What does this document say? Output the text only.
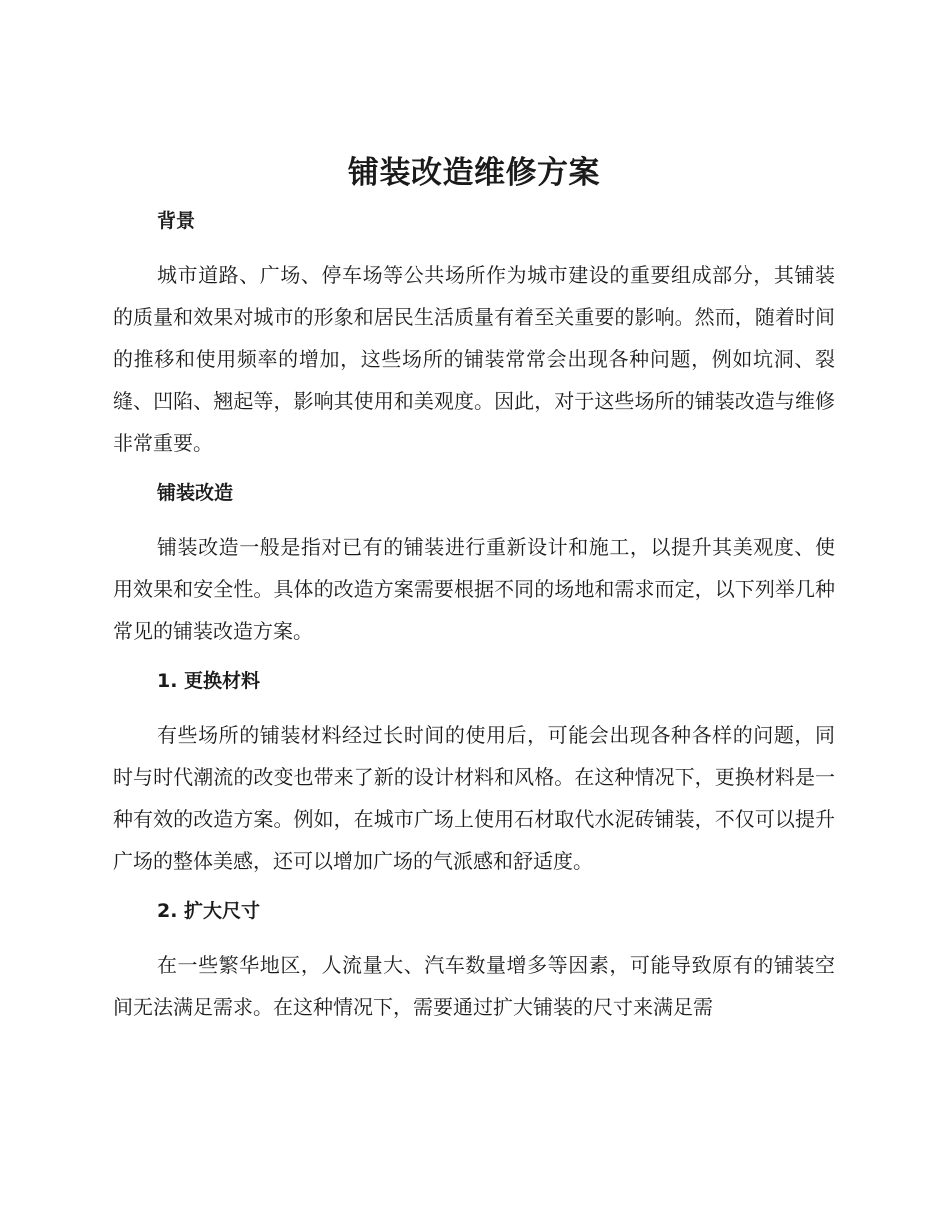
铺装改造维修方案
背景

城市道路、广场、停车场等公共场所作为城市建设的重要组成部分，其铺装的质量和效果对城市的形象和居民生活质量有着至关重要的影响。然而，随着时间的推移和使用频率的增加，这些场所的铺装常常会出现各种问题，例如坑洞、裂缝、凹陷、翘起等，影响其使用和美观度。因此，对于这些场所的铺装改造与维修非常重要。

铺装改造

铺装改造一般是指对已有的铺装进行重新设计和施工，以提升其美观度、使用效果和安全性。具体的改造方案需要根据不同的场地和需求而定，以下列举几种常见的铺装改造方案。

1. 更换材料

有些场所的铺装材料经过长时间的使用后，可能会出现各种各样的问题，同时与时代潮流的改变也带来了新的设计材料和风格。在这种情况下，更换材料是一种有效的改造方案。例如，在城市广场上使用石材取代水泥砖铺装，不仅可以提升广场的整体美感，还可以增加广场的气派感和舒适度。

2. 扩大尺寸

在一些繁华地区，人流量大、汽车数量增多等因素，可能导致原有的铺装空间无法满足需求。在这种情况下，需要通过扩大铺装的尺寸来满足需
